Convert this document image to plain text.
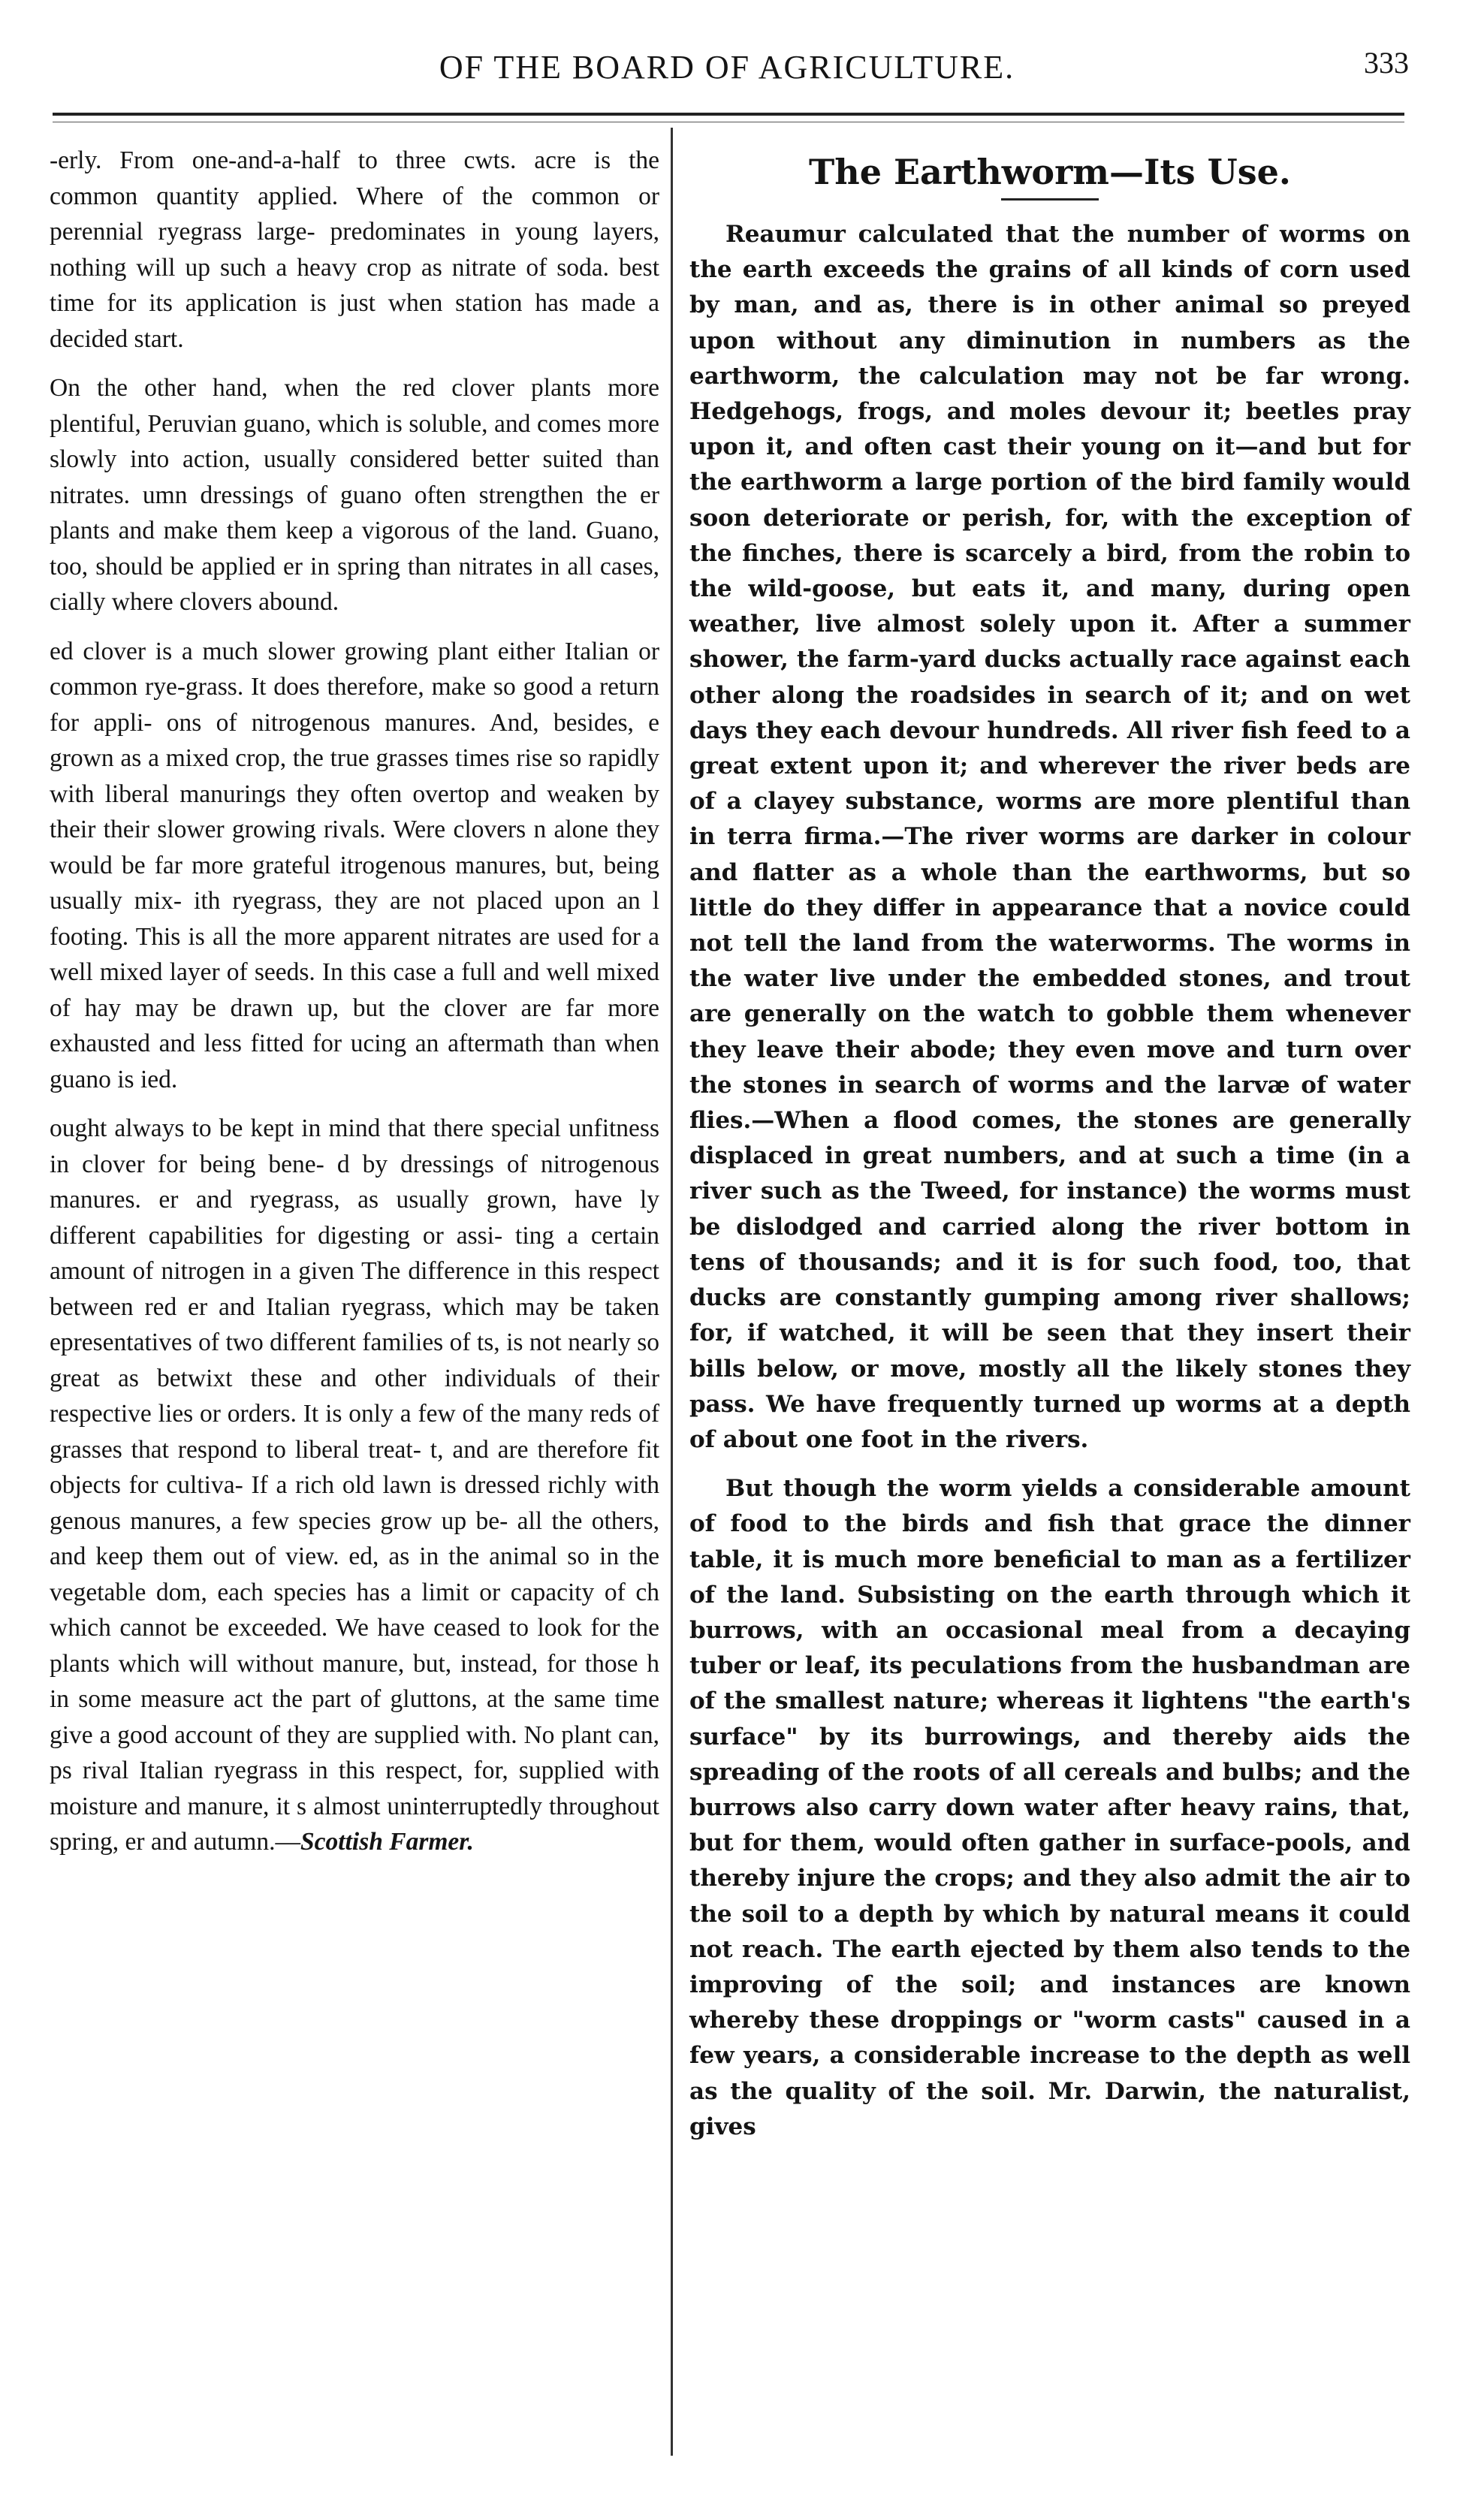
OF THE BOARD OF AGRICULTURE.	333

-erly. From one-and-a-half to three cwts. acre is the common quantity applied. Where of the common or perennial ryegrass large- predominates in young layers, nothing will up such a heavy crop as nitrate of soda. best time for its application is just when station has made a decided start.

On the other hand, when the red clover plants more plentiful, Peruvian guano, which is soluble, and comes more slowly into action, usually considered better suited than nitrates. umn dressings of guano often strengthen the er plants and make them keep a vigorous of the land. Guano, too, should be applied er in spring than nitrates in all cases, cially where clovers abound.

ed clover is a much slower growing plant either Italian or common rye-grass. It does therefore, make so good a return for appli- ons of nitrogenous manures. And, besides, e grown as a mixed crop, the true grasses times rise so rapidly with liberal manurings they often overtop and weaken by their their slower growing rivals. Were clovers n alone they would be far more grateful itrogenous manures, but, being usually mix- ith ryegrass, they are not placed upon an l footing. This is all the more apparent nitrates are used for a well mixed layer of seeds. In this case a full and well mixed of hay may be drawn up, but the clover are far more exhausted and less fitted for ucing an aftermath than when guano is ied.

ought always to be kept in mind that there special unfitness in clover for being bene- d by dressings of nitrogenous manures. er and ryegrass, as usually grown, have ly different capabilities for digesting or assi- ting a certain amount of nitrogen in a given The difference in this respect between red er and Italian ryegrass, which may be taken epresentatives of two different families of ts, is not nearly so great as betwixt these and other individuals of their respective lies or orders. It is only a few of the many reds of grasses that respond to liberal treat- t, and are therefore fit objects for cultiva- If a rich old lawn is dressed richly with genous manures, a few species grow up be- all the others, and keep them out of view. ed, as in the animal so in the vegetable dom, each species has a limit or capacity of ch which cannot be exceeded. We have ceased to look for the plants which will without manure, but, instead, for those h in some measure act the part of gluttons, at the same time give a good account of they are supplied with. No plant can, ps rival Italian ryegrass in this respect, for, supplied with moisture and manure, it s almost uninterruptedly throughout spring, er and autumn.—Scottish Farmer.

The Earthworm—Its Use.

Reaumur calculated that the number of worms on the earth exceeds the grains of all kinds of corn used by man, and as, there is in other animal so preyed upon without any diminution in numbers as the earthworm, the calculation may not be far wrong. Hedgehogs, frogs, and moles devour it; beetles pray upon it, and often cast their young on it—and but for the earthworm a large portion of the bird family would soon deteriorate or perish, for, with the exception of the finches, there is scarcely a bird, from the robin to the wild-goose, but eats it, and many, during open weather, live almost solely upon it. After a summer shower, the farm-yard ducks actually race against each other along the roadsides in search of it; and on wet days they each devour hundreds. All river fish feed to a great extent upon it; and wherever the river beds are of a clayey substance, worms are more plentiful than in terra firma.—The river worms are darker in colour and flatter as a whole than the earthworms, but so little do they differ in appearance that a novice could not tell the land from the waterworms. The worms in the water live under the embedded stones, and trout are generally on the watch to gobble them whenever they leave their abode; they even move and turn over the stones in search of worms and the larvæ of water flies.—When a flood comes, the stones are generally displaced in great numbers, and at such a time (in a river such as the Tweed, for instance) the worms must be dislodged and carried along the river bottom in tens of thousands; and it is for such food, too, that ducks are constantly gumping among river shallows; for, if watched, it will be seen that they insert their bills below, or move, mostly all the likely stones they pass. We have frequently turned up worms at a depth of about one foot in the rivers.

But though the worm yields a considerable amount of food to the birds and fish that grace the dinner table, it is much more beneficial to man as a fertilizer of the land. Subsisting on the earth through which it burrows, with an occasional meal from a decaying tuber or leaf, its peculations from the husbandman are of the smallest nature; whereas it lightens "the earth's surface" by its burrowings, and thereby aids the spreading of the roots of all cereals and bulbs; and the burrows also carry down water after heavy rains, that, but for them, would often gather in surface-pools, and thereby injure the crops; and they also admit the air to the soil to a depth by which by natural means it could not reach. The earth ejected by them also tends to the improving of the soil; and instances are known whereby these droppings or "worm casts" caused in a few years, a considerable increase to the depth as well as the quality of the soil. Mr. Darwin, the naturalist, gives
